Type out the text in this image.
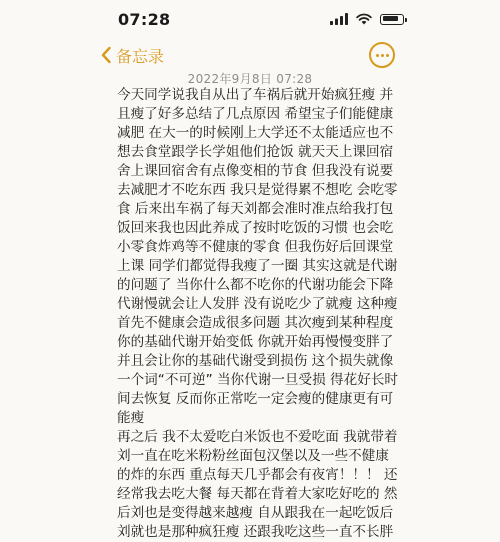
07:28
备忘录
2022年9月8日 07:28
今天同学说我自从出了车祸后就开始疯狂瘦 并
且瘦了好多总结了几点原因 希望宝子们能健康
减肥 在大一的时候刚上大学还不太能适应也不
想去食堂跟学长学姐他们抢饭 就天天上课回宿
舍上课回宿舍有点像变相的节食 但我没有说要
去减肥才不吃东西 我只是觉得累不想吃 会吃零
食 后来出车祸了每天刘都会准时准点给我打包
饭回来我也因此养成了按时吃饭的习惯 也会吃
小零食炸鸡等不健康的零食 但我伤好后回课堂
上课 同学们都觉得我瘦了一圈 其实这就是代谢
的问题了 当你什么都不吃你的代谢功能会下降
代谢慢就会让人发胖 没有说吃少了就瘦 这种瘦
首先不健康会造成很多问题 其次瘦到某种程度
你的基础代谢开始变低 你就开始再慢慢变胖了
并且会让你的基础代谢受到损伤 这个损失就像
一个词“不可逆” 当你代谢一旦受损 得花好长时
间去恢复 反而你正常吃一定会瘦的健康更有可
能瘦
再之后 我不太爱吃白米饭也不爱吃面 我就带着
刘一直在吃米粉粉丝面包汉堡以及一些不健康
的炸的东西 重点每天几乎都会有夜宵！！！ 还
经常我去吃大餐 每天都在背着大家吃好吃的 然
后刘也是变得越来越瘦 自从跟我在一起吃饭后
刘就也是那种疯狂瘦 还跟我吃这些一直不长胖
